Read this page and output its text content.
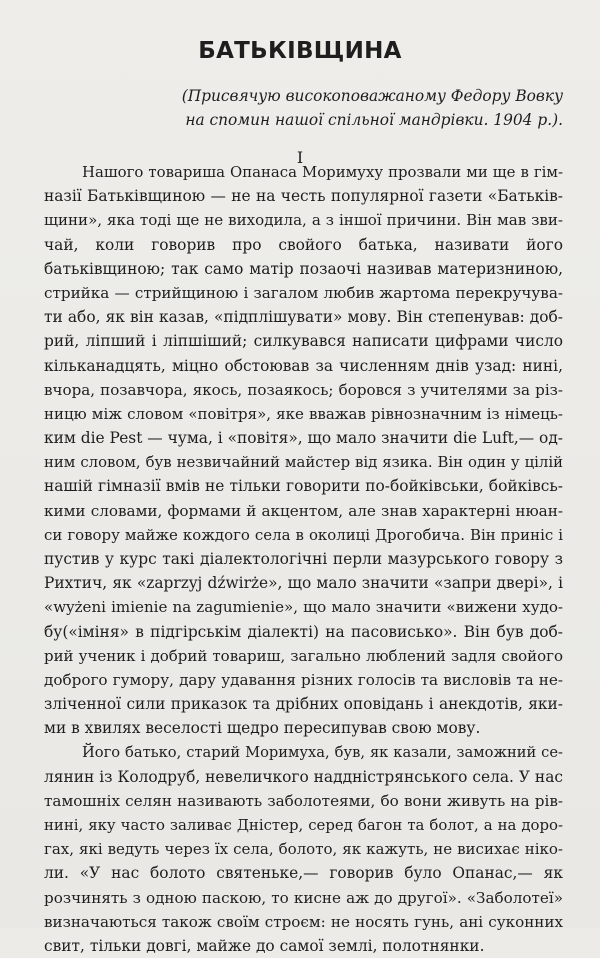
БАТЬКІВЩИНА
(Присвячую високоповажаному Федору Вовку
на спомин нашої спільної мандрівки. 1904 р.).
I

Нашого товариша Опанаса Моримуху прозвали ми ще в гім-
назії Батьківщиною — не на честь популярної газети «Батьків-
щини», яка тоді ще не виходила, а з іншої причини. Він мав зви-
чай, коли говорив про свойого батька, називати його
батьківщиною; так само матір позаочі називав материзниною,
стрийка — стрийщиною і загалом любив жартома перекручува-
ти або, як він казав, «підплішувати» мову. Він степенував: доб-
рий, ліпший і ліпшіший; силкувався написати цифрами число
кільканадцять, міцно обстоював за численням днів узад: нині,
вчора, позавчора, якось, позаякось; боровся з учителями за різ-
ницю між словом «повітря», яке вважав рівнозначним із німець-
ким die Pest — чума, і «повітя», що мало значити die Luft,— од-
ним словом, був незвичайний майстер від язика. Він один у цілій
нашій гімназії вмів не тільки говорити по-бойківськи, бойківсь-
кими словами, формами й акцентом, але знав характерні нюан-
си говору майже кождого села в околиці Дрогобича. Він приніс і
пустив у курс такі діалектологічні перли мазурського говору з
Рихтич, як «zaprzyj dźwirże», що мало значити «запри двері», і
«wyżeni imienie na zagumienie», що мало значити «вижени худо-
бу(«іміня» в підгірськім діалекті) на пасовисько». Він був доб-
рий ученик і добрий товариш, загально люблений задля свойого
доброго гумору, дару удавання різних голосів та висловів та не-
зліченної сили приказок та дрібних оповідань і анекдотів, яки-
ми в хвилях веселості щедро пересипував свою мову.

Його батько, старий Моримуха, був, як казали, заможний се-
лянин із Колодруб, невеличкого наддністрянського села. У нас
тамошніх селян називають заболотеями, бо вони живуть на рів-
нині, яку часто заливає Дністер, серед багон та болот, а на доро-
гах, які ведуть через їх села, болото, як кажуть, не висихає ніко-
ли. «У нас болото святеньке,— говорив було Опанас,— як
розчинять з одною паскою, то кисне аж до другої». «Заболотеї»
визначаються також своїм строєм: не носять гунь, ані суконних
свит, тільки довгі, майже до самої землі, полотнянки.
